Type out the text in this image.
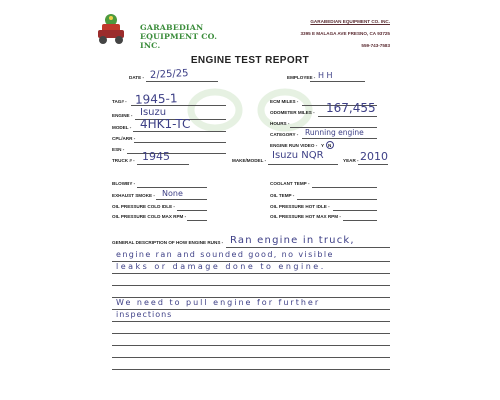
GARABEDIAN
EQUIPMENT CO. INC.
GARABEDIAN EQUIPMENT CO. INC.
3395 E MALAGA AVE FRESNO, CA 93725
559-743-7583
ENGINE TEST REPORT
DATE - 2/25/25	EMPLOYEE - H H
TAG# - 1945-1
ENGINE - Isuzu
MODEL - 4HK1-TC
CPL/ARR -
ESN -
TRUCK # - 1945
ECM MILES -
ODOMETER MILES - 167,455
HOURS -
CATEGORY - Running engine
ENGINE RUN VIDEO - Y N
MAKE/MODEL - Isuzu NQR	YEAR - 2010
BLOWBY -
EXHAUST SMOKE - None
OIL PRESSURE COLD IDLE -
OIL PRESSURE COLD MAX RPM -
COOLANT TEMP -
OIL TEMP -
OIL PRESSURE HOT IDLE -
OIL PRESSURE HOT MAX RPM -
GENERAL DESCRIPTION OF HOW ENGINE RUNS - Ran engine in truck,
engine ran and sounded good, no visible
leaks or damage done to engine.
We need to pull engine for further
inspections
